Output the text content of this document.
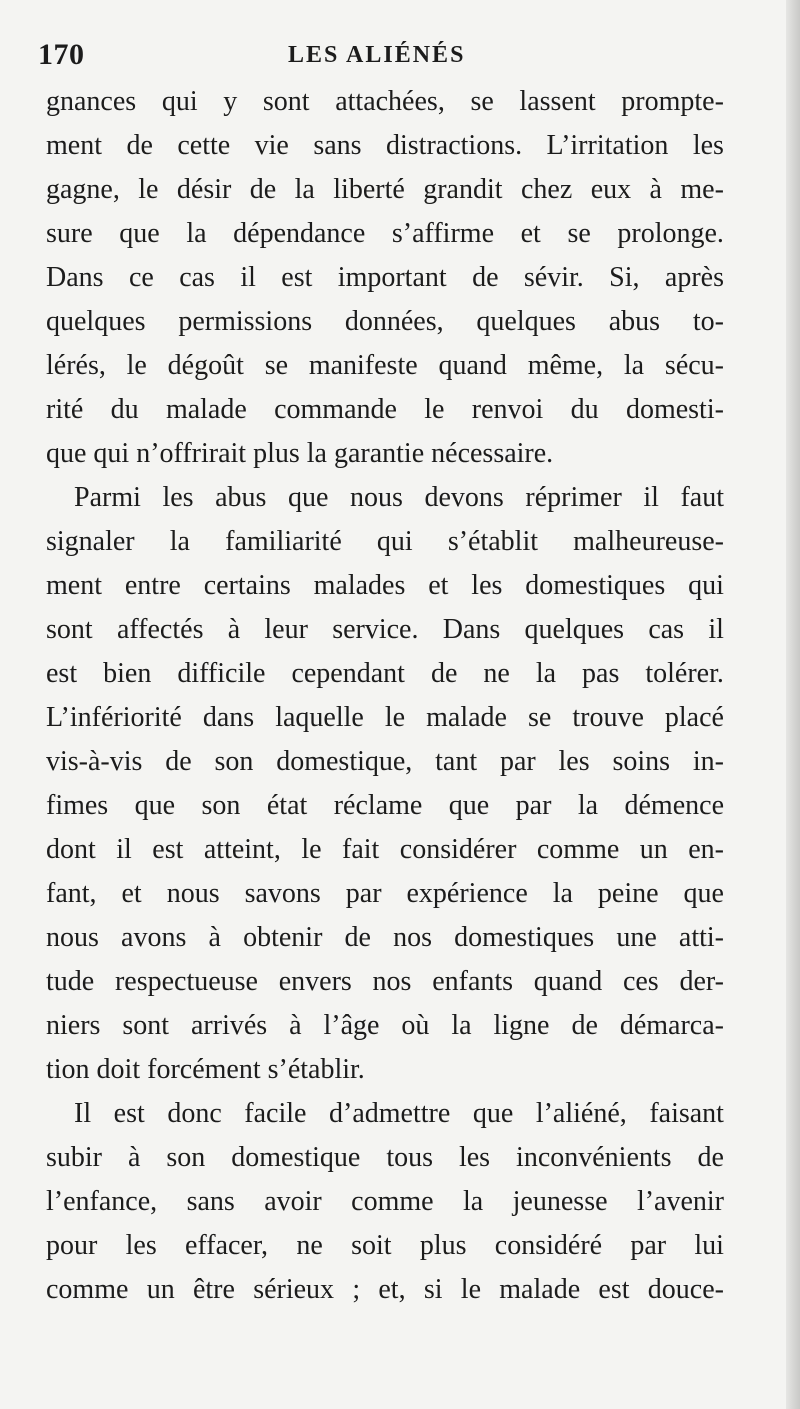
170	LES ALIÉNÉS
gnances qui y sont attachées, se lassent prompte-
ment de cette vie sans distractions. L’irritation les
gagne, le désir de la liberté grandit chez eux à me-
sure que la dépendance s’affirme et se prolonge.
Dans ce cas il est important de sévir. Si, après
quelques permissions données, quelques abus to-
lérés, le dégoût se manifeste quand même, la sécu-
rité du malade commande le renvoi du domesti-
que qui n’offrirait plus la garantie nécessaire.
Parmi les abus que nous devons réprimer il faut
signaler la familiarité qui s’établit malheureuse-
ment entre certains malades et les domestiques qui
sont affectés à leur service. Dans quelques cas il
est bien difficile cependant de ne la pas tolérer.
L’infériorité dans laquelle le malade se trouve placé
vis-à-vis de son domestique, tant par les soins in-
fimes que son état réclame que par la démence
dont il est atteint, le fait considérer comme un en-
fant, et nous savons par expérience la peine que
nous avons à obtenir de nos domestiques une atti-
tude respectueuse envers nos enfants quand ces der-
niers sont arrivés à l’âge où la ligne de démarca-
tion doit forcément s’établir.
Il est donc facile d’admettre que l’aliéné, faisant
subir à son domestique tous les inconvénients de
l’enfance, sans avoir comme la jeunesse l’avenir
pour les effacer, ne soit plus considéré par lui
comme un être sérieux ; et, si le malade est douce-
